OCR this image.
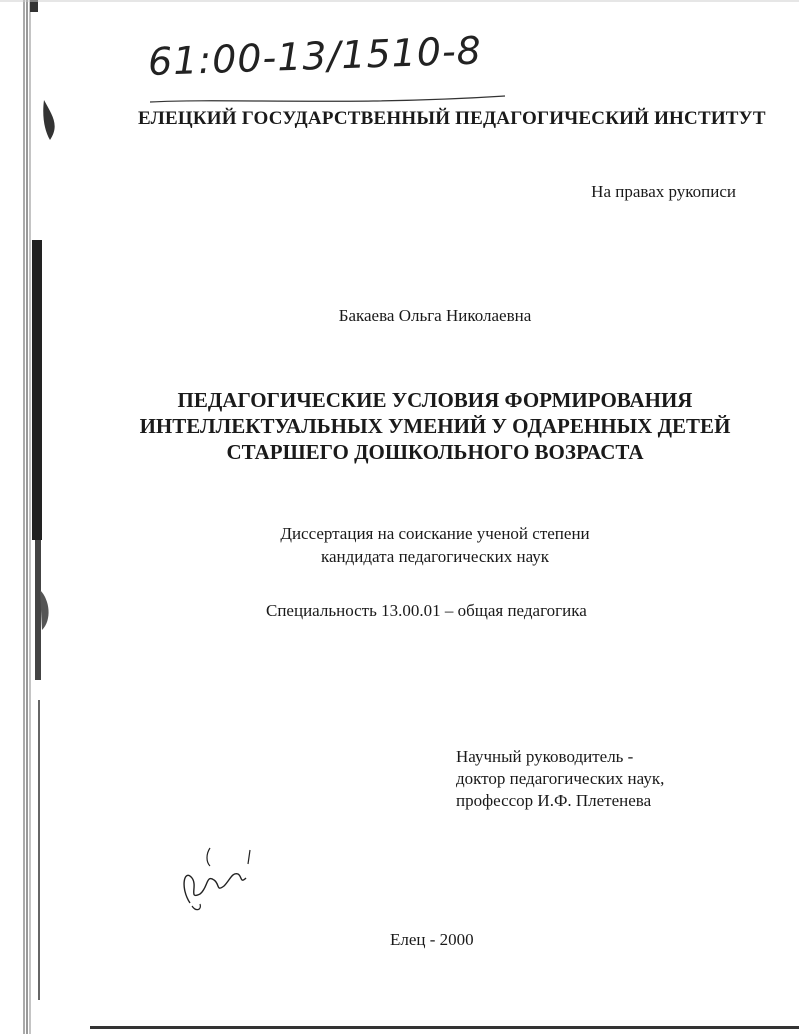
61:00-13/1510-8
ЕЛЕЦКИЙ ГОСУДАРСТВЕННЫЙ ПЕДАГОГИЧЕСКИЙ ИНСТИТУТ
На правах рукописи
Бакаева Ольга Николаевна
ПЕДАГОГИЧЕСКИЕ УСЛОВИЯ ФОРМИРОВАНИЯ
ИНТЕЛЛЕКТУАЛЬНЫХ УМЕНИЙ У ОДАРЕННЫХ ДЕТЕЙ
СТАРШЕГО ДОШКОЛЬНОГО ВОЗРАСТА
Диссертация на соискание ученой степени
кандидата педагогических наук
Специальность 13.00.01 – общая педагогика
Научный руководитель -
доктор педагогических наук,
профессор И.Ф. Плетенева
Елец - 2000
